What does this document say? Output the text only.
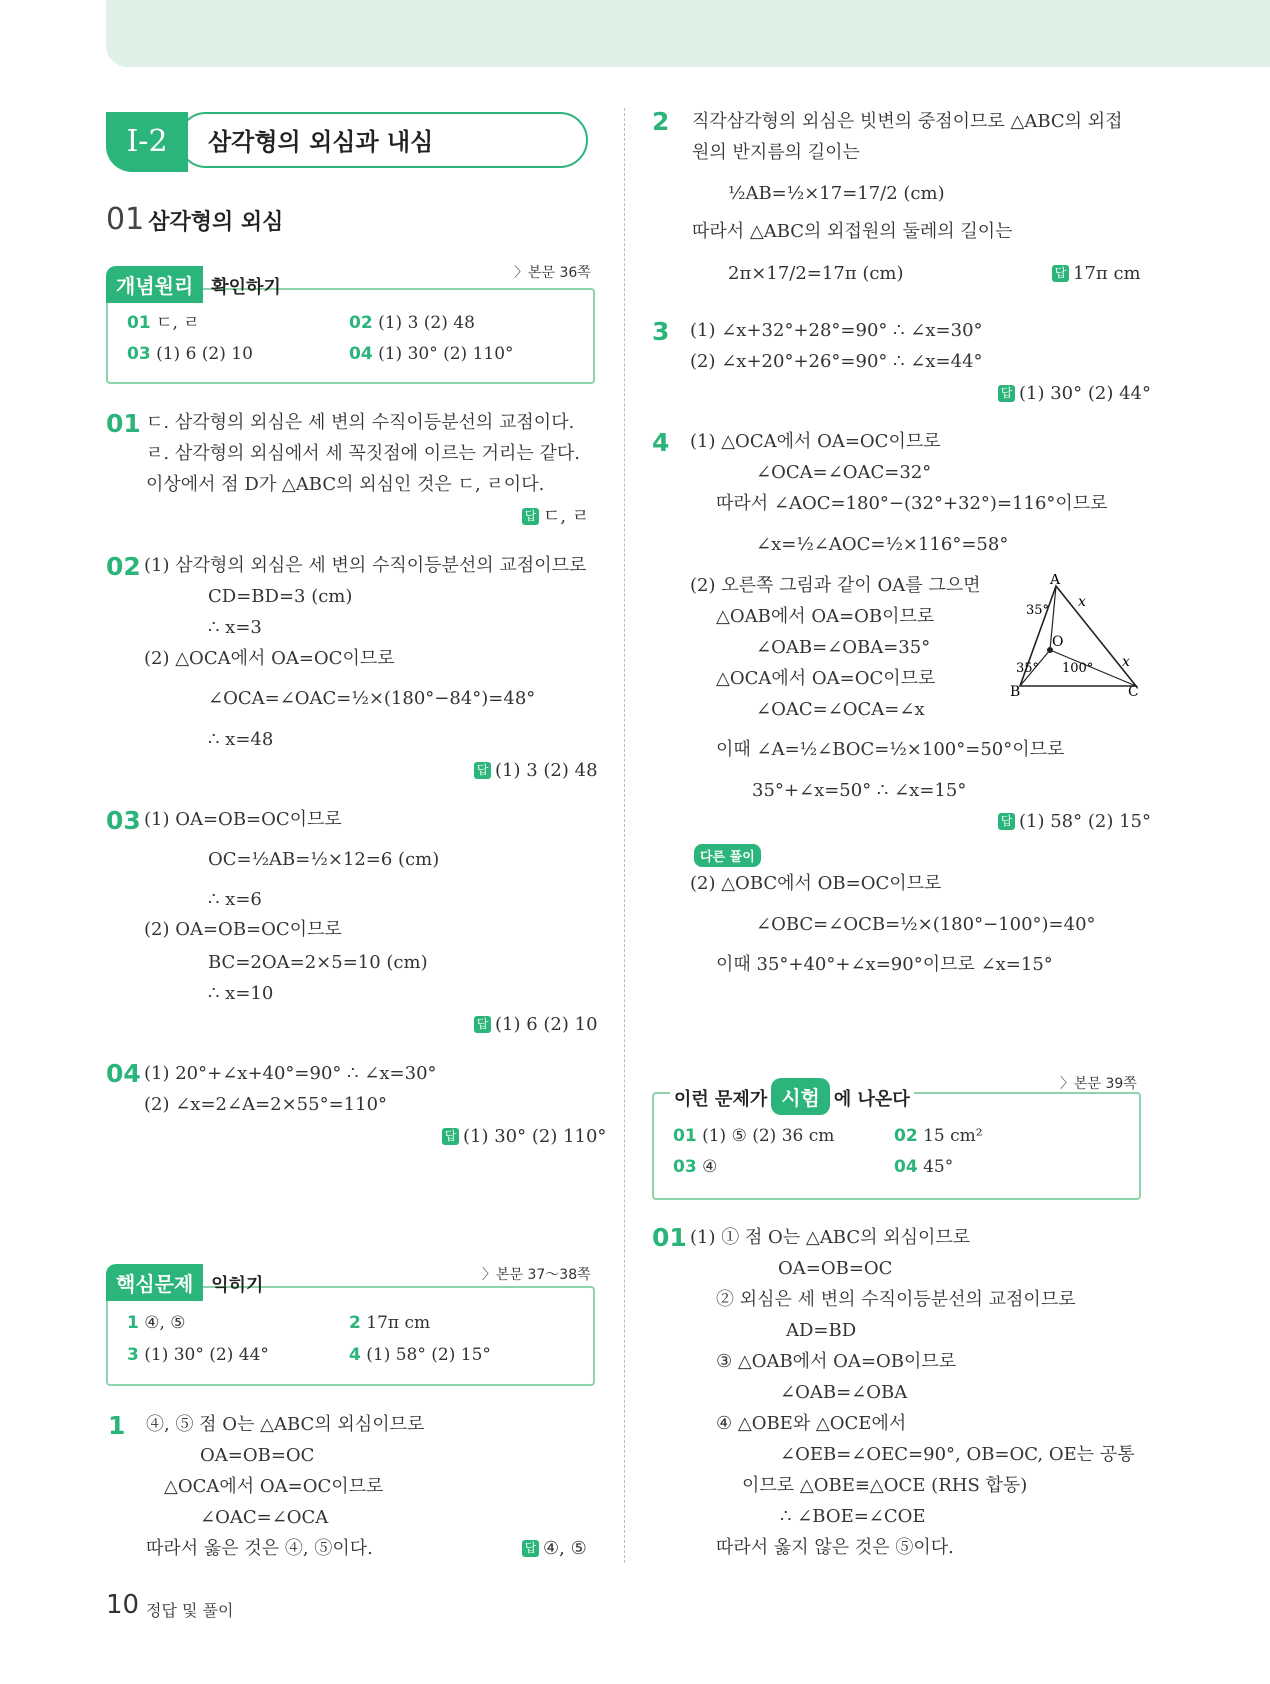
삼각형의 외심과 내심
Ⅰ-2
01 삼각형의 외심
개념원리 확인하기
〉본문 36쪽
01 ㄷ, ㄹ	02 (1) 3 (2) 48
03 (1) 6 (2) 10	04 (1) 30° (2) 110°
01 ㄷ. 삼각형의 외심은 세 변의 수직이등분선의 교점이다.
ㄹ. 삼각형의 외심에서 세 꼭짓점에 이르는 거리는 같다.
이상에서 점 D가 △ABC의 외심인 것은 ㄷ, ㄹ이다.
답 ㄷ, ㄹ
02 (1) 삼각형의 외심은 세 변의 수직이등분선의 교점이므로
CD=BD=3 (cm)
∴ x=3
(2) △OCA에서 OA=OC이므로
∠OCA=∠OAC=½×(180°−84°)=48°
∴ x=48
답 (1) 3 (2) 48
03 (1) OA=OB=OC이므로
OC=½AB=½×12=6 (cm)
∴ x=6
(2) OA=OB=OC이므로
BC=2OA=2×5=10 (cm)
∴ x=10
답 (1) 6 (2) 10
04 (1) 20°+∠x+40°=90° ∴ ∠x=30°
(2) ∠x=2∠A=2×55°=110°
답 (1) 30° (2) 110°
핵심문제 익히기	〉본문 37～38쪽
1 ④, ⑤	2 17π cm
3 (1) 30° (2) 44°	4 (1) 58° (2) 15°
1 ④, ⑤ 점 O는 △ABC의 외심이므로
OA=OB=OC
△OCA에서 OA=OC이므로
∠OAC=∠OCA
따라서 옳은 것은 ④, ⑤이다.	답 ④, ⑤
2 직각삼각형의 외심은 빗변의 중점이므로 △ABC의 외접
원의 반지름의 길이는
½AB=½×17=17/2 (cm)
따라서 △ABC의 외접원의 둘레의 길이는
2π×17/2=17π (cm)	답 17π cm
3 (1) ∠x+32°+28°=90° ∴ ∠x=30°
(2) ∠x+20°+26°=90° ∴ ∠x=44°
답 (1) 30° (2) 44°
4 (1) △OCA에서 OA=OC이므로
∠OCA=∠OAC=32°
따라서 ∠AOC=180°−(32°+32°)=116°이므로
∠x=½∠AOC=½×116°=58°
(2) 오른쪽 그림과 같이 OA를 그으면
△OAB에서 OA=OB이므로
∠OAB=∠OBA=35°
△OCA에서 OA=OC이므로
∠OAC=∠OCA=∠x
이때 ∠A=½∠BOC=½×100°=50°이므로
35°+∠x=50° ∴ ∠x=15°
답 (1) 58° (2) 15°
A
B	C
O
35°
35° 100°
x
x
다른 풀이
(2) △OBC에서 OB=OC이므로
∠OBC=∠OCB=½×(180°−100°)=40°
이때 35°+40°+∠x=90°이므로 ∠x=15°
이런 문제가 시험 에 나온다
〉본문 39쪽
01 (1) ⑤ (2) 36 cm	02 15 cm²
03 ④	04 45°
01 (1) ① 점 O는 △ABC의 외심이므로
OA=OB=OC
② 외심은 세 변의 수직이등분선의 교점이므로
AD=BD
③ △OAB에서 OA=OB이므로
∠OAB=∠OBA
④ △OBE와 △OCE에서
∠OEB=∠OEC=90°, OB=OC, OE는 공통
이므로 △OBE≡△OCE (RHS 합동)
∴ ∠BOE=∠COE
따라서 옳지 않은 것은 ⑤이다.
10 정답 및 풀이
